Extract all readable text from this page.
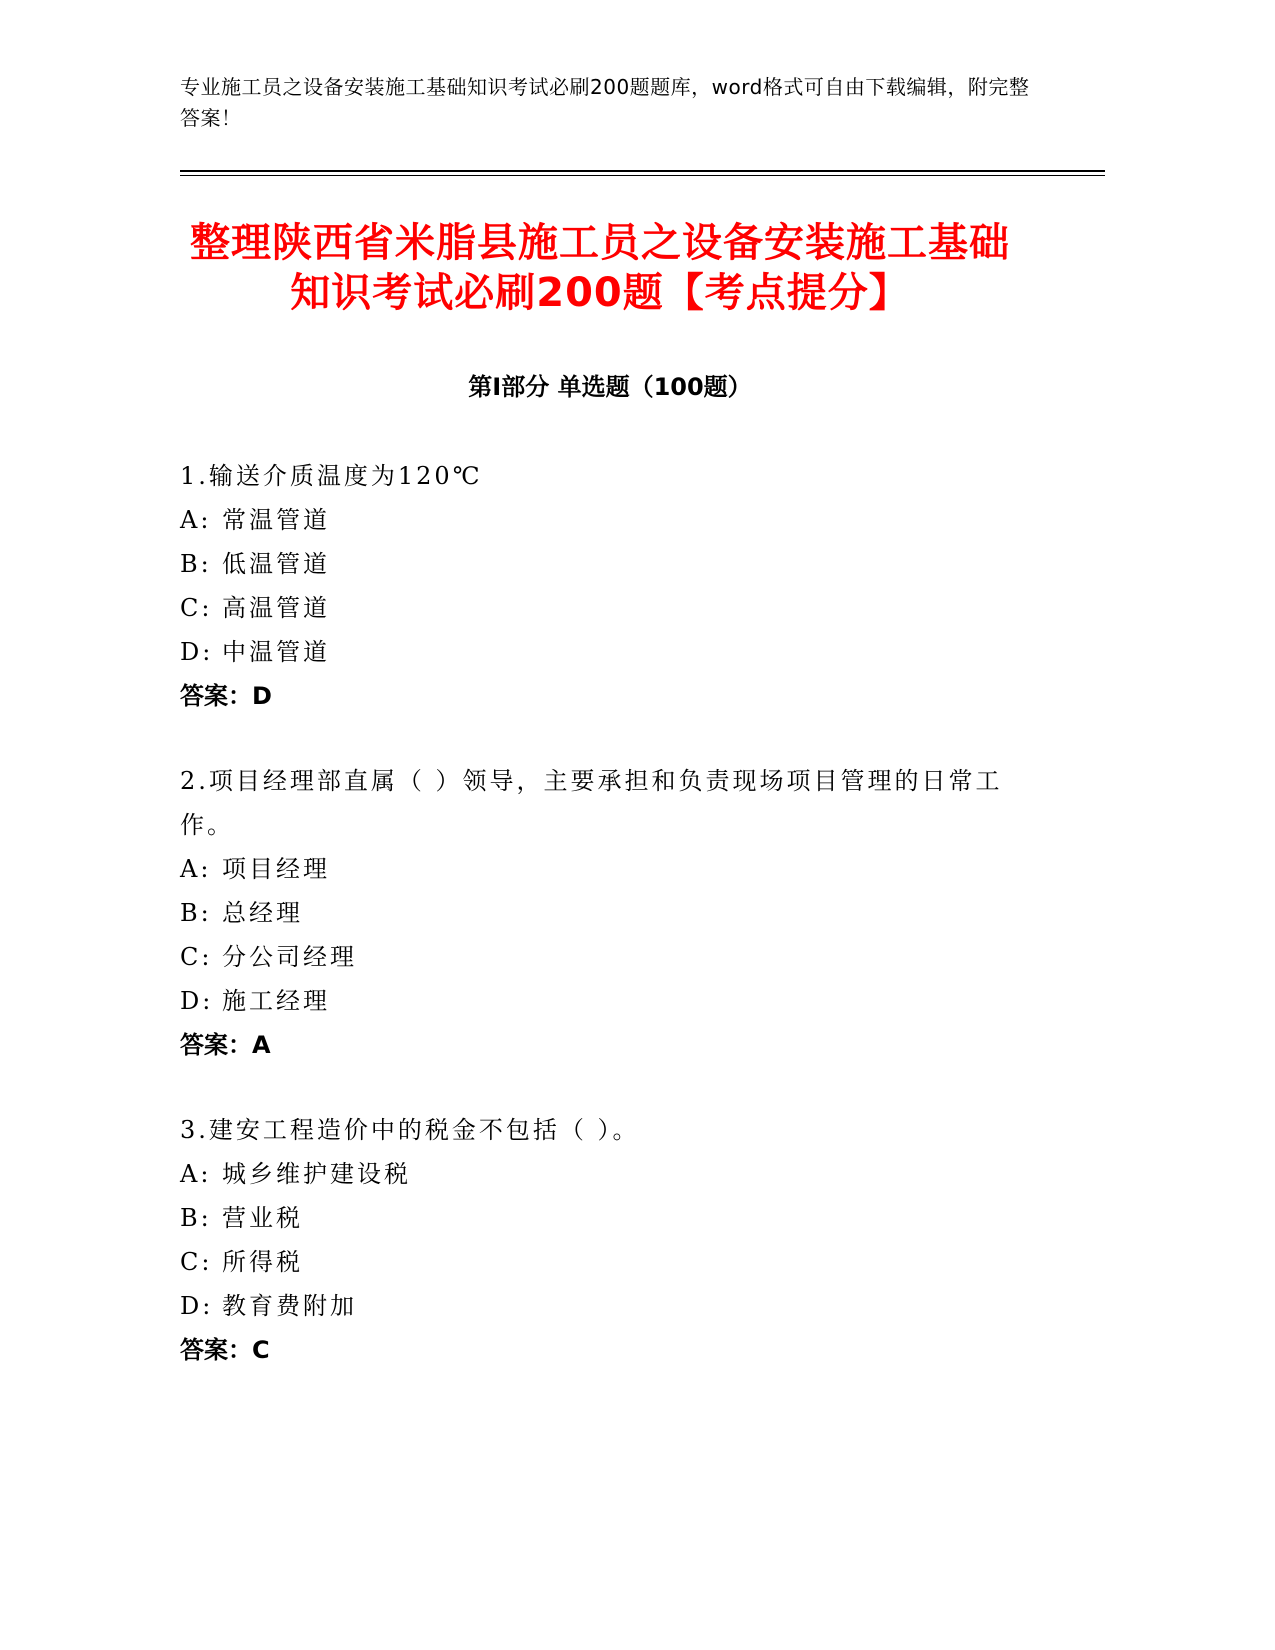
专业施工员之设备安装施工基础知识考试必刷200题题库，word格式可自由下载编辑，附完整答案！
整理陕西省米脂县施工员之设备安装施工基础知识考试必刷200题【考点提分】
第Ⅰ部分 单选题（100题）
1.输送介质温度为120℃
A: 常温管道
B: 低温管道
C: 高温管道
D: 中温管道
答案：D
2.项目经理部直属（ ）领导，主要承担和负责现场项目管理的日常工作。
A: 项目经理
B: 总经理
C: 分公司经理
D: 施工经理
答案：A
3.建安工程造价中的税金不包括（ ）。
A: 城乡维护建设税
B: 营业税
C: 所得税
D: 教育费附加
答案：C
